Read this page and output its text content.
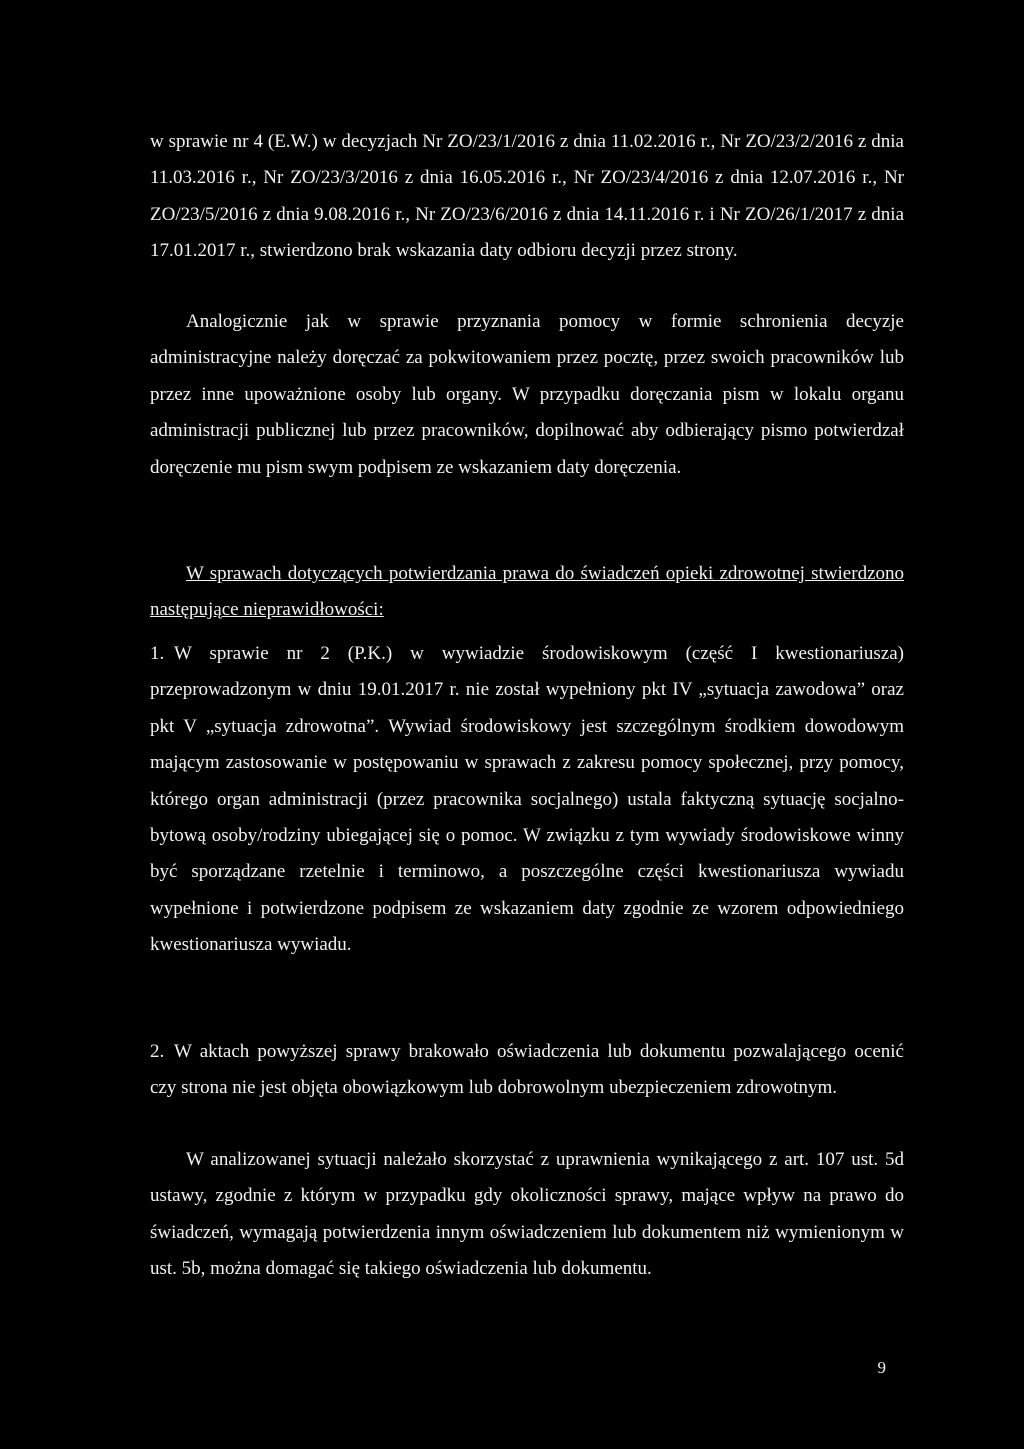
w sprawie nr 4 (E.W.) w decyzjach Nr ZO/23/1/2016 z dnia 11.02.2016 r., Nr ZO/23/2/2016 z dnia 11.03.2016 r., Nr ZO/23/3/2016 z dnia 16.05.2016 r., Nr ZO/23/4/2016 z dnia 12.07.2016 r., Nr ZO/23/5/2016 z dnia 9.08.2016 r., Nr ZO/23/6/2016 z dnia 14.11.2016 r. i Nr ZO/26/1/2017 z dnia 17.01.2017 r., stwierdzono brak wskazania daty odbioru decyzji przez strony.

Analogicznie jak w sprawie przyznania pomocy w formie schronienia decyzje administracyjne należy doręczać za pokwitowaniem przez pocztę, przez swoich pracowników lub przez inne upoważnione osoby lub organy. W przypadku doręczania pism w lokalu organu administracji publicznej lub przez pracowników, dopilnować aby odbierający pismo potwierdzał doręczenie mu pism swym podpisem ze wskazaniem daty doręczenia.

W sprawach dotyczących potwierdzania prawa do świadczeń opieki zdrowotnej stwierdzono następujące nieprawidłowości:

1. W sprawie nr 2 (P.K.) w wywiadzie środowiskowym (część I kwestionariusza) przeprowadzonym w dniu 19.01.2017 r. nie został wypełniony pkt IV „sytuacja zawodowa” oraz pkt V „sytuacja zdrowotna”. Wywiad środowiskowy jest szczególnym środkiem dowodowym mającym zastosowanie w postępowaniu w sprawach z zakresu pomocy społecznej, przy pomocy, którego organ administracji (przez pracownika socjalnego) ustala faktyczną sytuację socjalno-bytową osoby/rodziny ubiegającej się o pomoc. W związku z tym wywiady środowiskowe winny być sporządzane rzetelnie i terminowo, a poszczególne części kwestionariusza wywiadu wypełnione i potwierdzone podpisem ze wskazaniem daty zgodnie ze wzorem odpowiedniego kwestionariusza wywiadu.

2. W aktach powyższej sprawy brakowało oświadczenia lub dokumentu pozwalającego ocenić czy strona nie jest objęta obowiązkowym lub dobrowolnym ubezpieczeniem zdrowotnym.

W analizowanej sytuacji należało skorzystać z uprawnienia wynikającego z art. 107 ust. 5d ustawy, zgodnie z którym w przypadku gdy okoliczności sprawy, mające wpływ na prawo do świadczeń, wymagają potwierdzenia innym oświadczeniem lub dokumentem niż wymienionym w ust. 5b, można domagać się takiego oświadczenia lub dokumentu.

9
